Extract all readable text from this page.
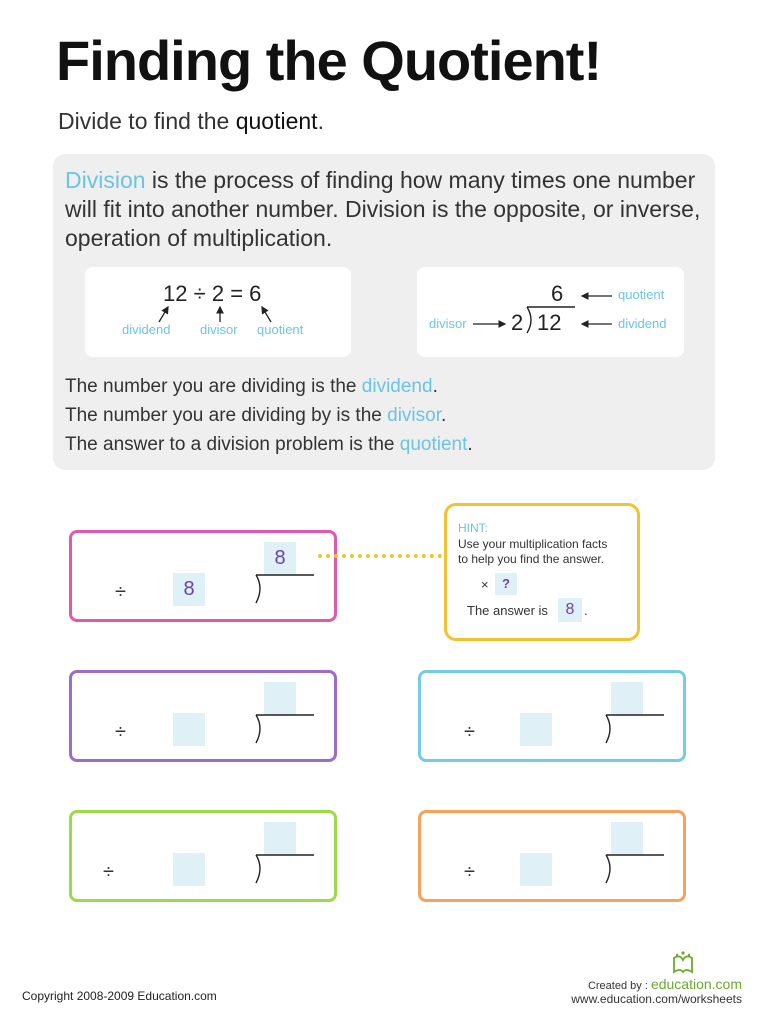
Finding the Quotient!
Divide to find the quotient.
Division is the process of finding how many times one number will fit into another number. Division is the opposite, or inverse, operation of multiplication.
12 ÷ 2 = 6
dividend divisor quotient
6
2 12
divisor
quotient
dividend
The number you are dividing is the dividend.
The number you are dividing by is the divisor.
The answer to a division problem is the quotient.
÷	8
8
HINT:
Use your multiplication facts
to help you find the answer.
×	?
The answer is	8 .
÷	÷
÷	÷
Copyright 2008-2009 Education.com
Created by : education.com
www.education.com/worksheets
